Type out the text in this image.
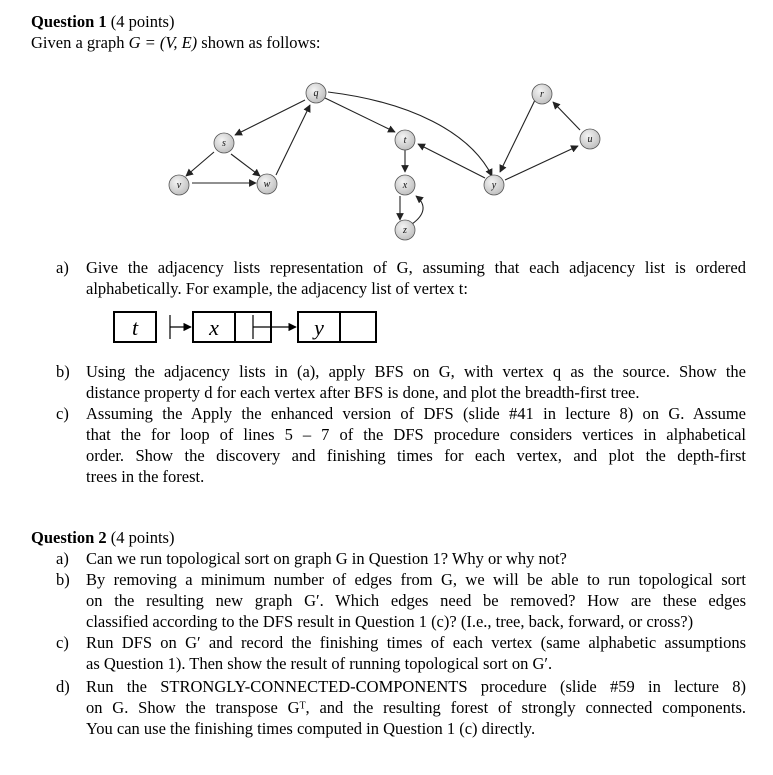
Question 1 (4 points)
Given a graph G = (V, E) shown as follows:
q	r
s	t	u
v	w	x	y
z
a)	Give the adjacency lists representation of G, assuming that each adjacency list is ordered
alphabetically. For example, the adjacency list of vertex t:
t	x	y
b) Using the adjacency lists in (a), apply BFS on G, with vertex q as the source. Show the
distance property d for each vertex after BFS is done, and plot the breadth-first tree.
c)	Assuming the Apply the enhanced version of DFS (slide #41 in lecture 8) on G. Assume
that the for loop of lines 5 – 7 of the DFS procedure considers vertices in alphabetical
order. Show the discovery and finishing times for each vertex, and plot the depth-first
trees in the forest.
Question 2 (4 points)
a)	Can we run topological sort on graph G in Question 1? Why or why not?
b) By removing a minimum number of edges from G, we will be able to run topological sort
on the resulting new graph G′. Which edges need be removed? How are these edges
classified according to the DFS result in Question 1 (c)? (I.e., tree, back, forward, or cross?)
c)	Run DFS on G′ and record the finishing times of each vertex (same alphabetic assumptions
as Question 1). Then show the result of running topological sort on G′.
d) Run the STRONGLY-CONNECTED-COMPONENTS procedure (slide #59 in lecture 8)
on G. Show the transpose Gᵀ, and the resulting forest of strongly connected components.
You can use the finishing times computed in Question 1 (c) directly.
